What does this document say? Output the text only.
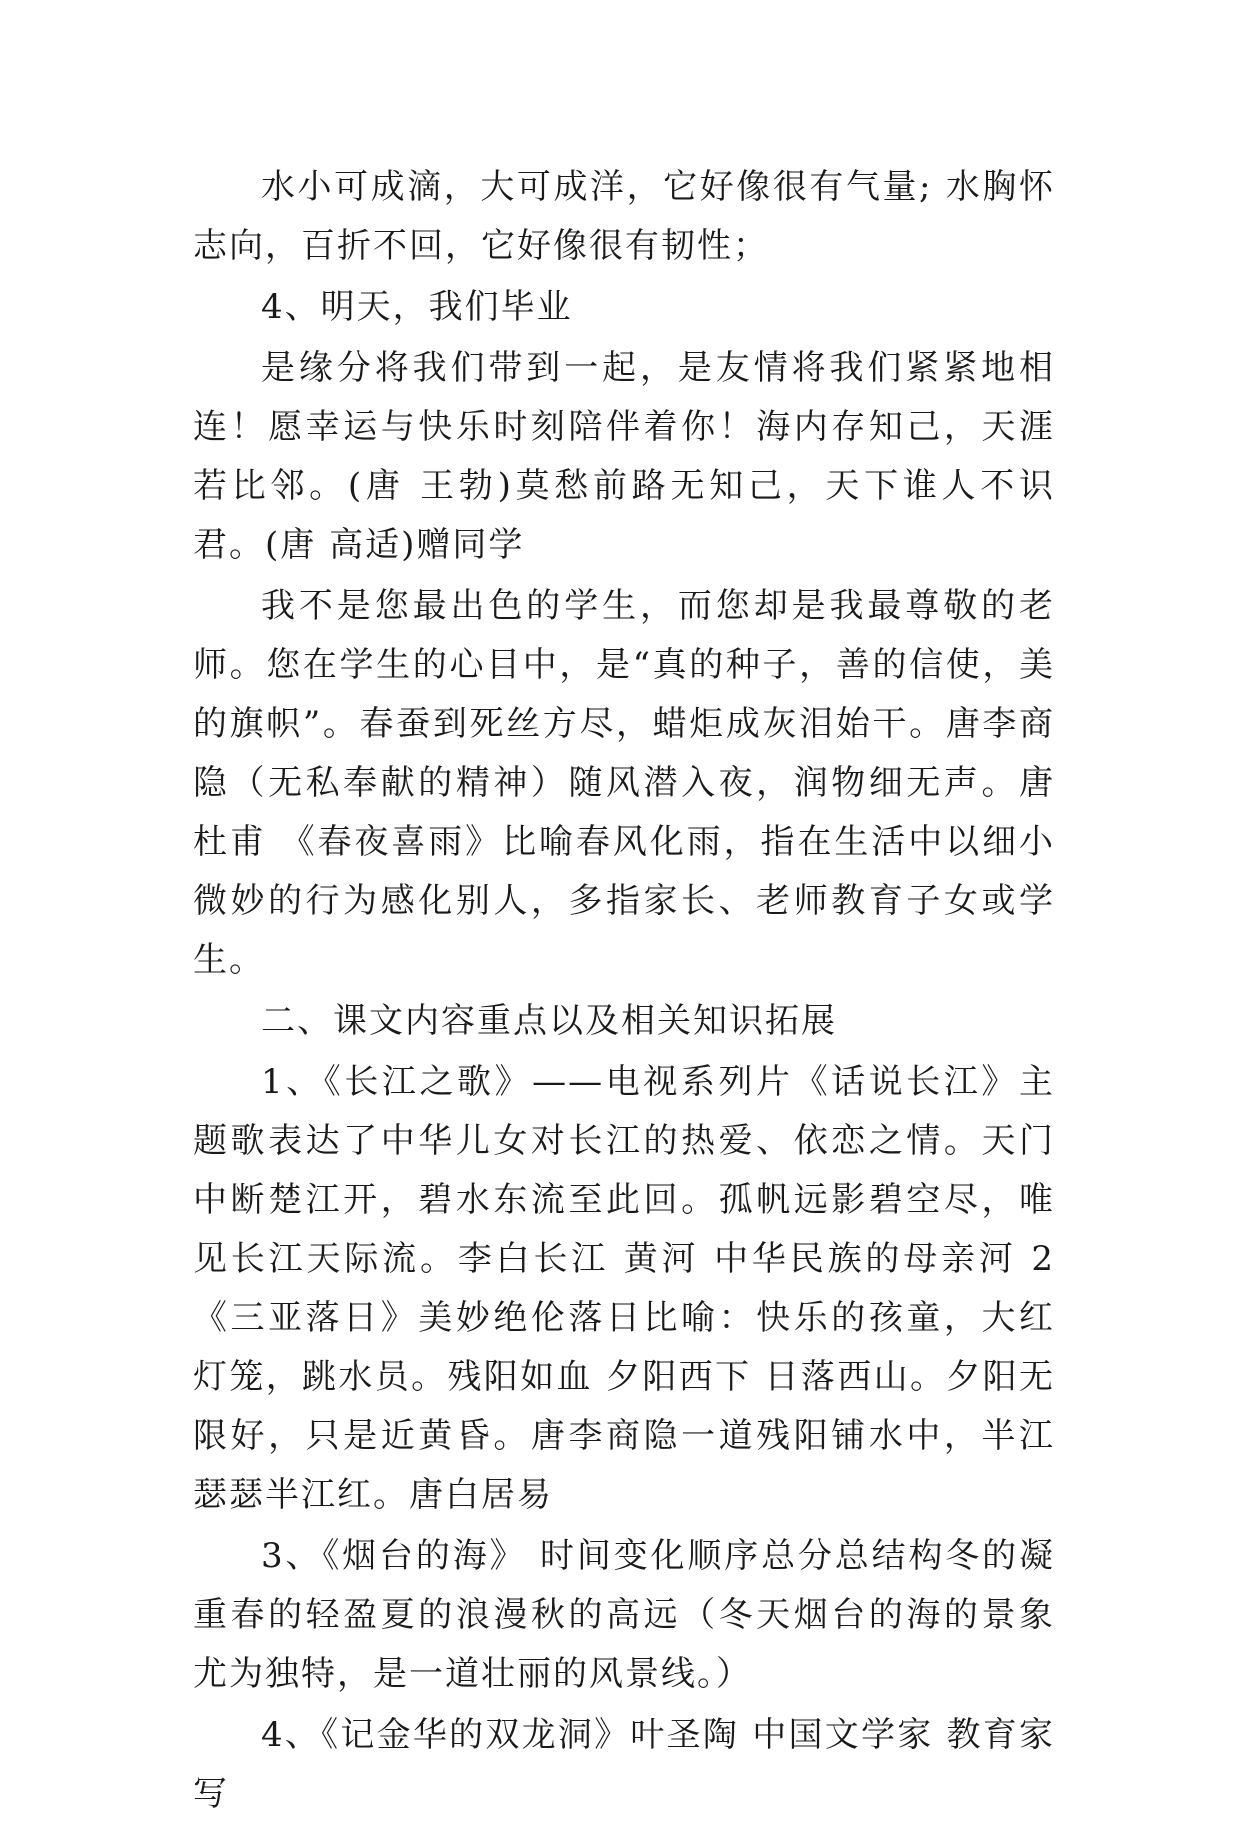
水小可成滴，大可成洋，它好像很有气量; 水胸怀志向，百折不回，它好像很有韧性；

4、明天，我们毕业

是缘分将我们带到一起，是友情将我们紧紧地相连！愿幸运与快乐时刻陪伴着你！海内存知己，天涯若比邻。(唐 王勃)莫愁前路无知己，天下谁人不识君。(唐 高适)赠同学

我不是您最出色的学生，而您却是我最尊敬的老师。您在学生的心目中，是“真的种子，善的信使，美的旗帜”。春蚕到死丝方尽，蜡炬成灰泪始干。唐李商隐（无私奉献的精神）随风潜入夜，润物细无声。唐 杜甫 《春夜喜雨》比喻春风化雨，指在生活中以细小微妙的行为感化别人，多指家长、老师教育子女或学生。

二、课文内容重点以及相关知识拓展

1、《长江之歌》——电视系列片《话说长江》主题歌表达了中华儿女对长江的热爱、依恋之情。天门中断楚江开，碧水东流至此回。孤帆远影碧空尽，唯见长江天际流。李白长江 黄河 中华民族的母亲河 2《三亚落日》美妙绝伦落日比喻：快乐的孩童，大红灯笼，跳水员。残阳如血 夕阳西下 日落西山。夕阳无限好，只是近黄昏。唐李商隐一道残阳铺水中，半江瑟瑟半江红。唐白居易

3、《烟台的海》 时间变化顺序总分总结构冬的凝重春的轻盈夏的浪漫秋的高远（冬天烟台的海的景象尤为独特，是一道壮丽的风景线。）

4、《记金华的双龙洞》叶圣陶 中国文学家 教育家 写
